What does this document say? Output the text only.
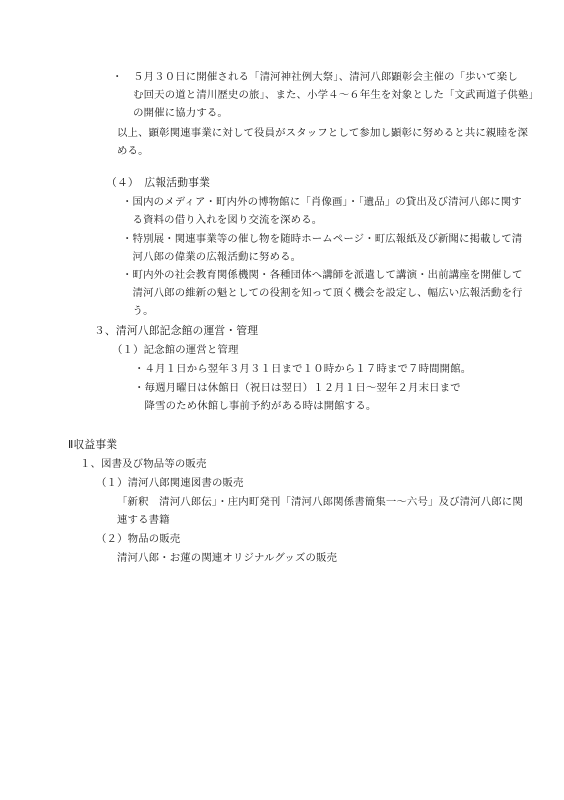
・　５月３０日に開催される「清河神社例大祭」、清河八郎顕彰会主催の「歩いて楽し
　　む回天の道と清川歴史の旅」、また、小学４〜６年生を対象とした「文武両道子供塾」
　　の開催に協力する。
以上、顕彰関連事業に対して役員がスタッフとして参加し顕彰に努めると共に親睦を深
める。
（４）　広報活動事業
・国内のメディア・町内外の博物館に「肖像画」・「遺品」の貸出及び清河八郎に関す
　る資料の借り入れを図り交流を深める。
・特別展・関連事業等の催し物を随時ホームページ・町広報紙及び新聞に掲載して清
　河八郎の偉業の広報活動に努める。
・町内外の社会教育関係機関・各種団体へ講師を派遣して講演・出前講座を開催して
　清河八郎の維新の魁としての役割を知って頂く機会を設定し、幅広い広報活動を行
　う。
３、清河八郎記念館の運営・管理
（１）記念館の運営と管理
・４月１日から翌年３月３１日まで１０時から１７時まで７時間開館。
・毎週月曜日は休館日（祝日は翌日）１２月１日〜翌年２月末日まで
　降雪のため休館し事前予約がある時は開館する。
Ⅱ収益事業
１、図書及び物品等の販売
（１）清河八郎関連図書の販売
「新釈　清河八郎伝」・庄内町発刊「清河八郎関係書簡集一〜六号」及び清河八郎に関
連する書籍
（２）物品の販売
清河八郎・お蓮の関連オリジナルグッズの販売
